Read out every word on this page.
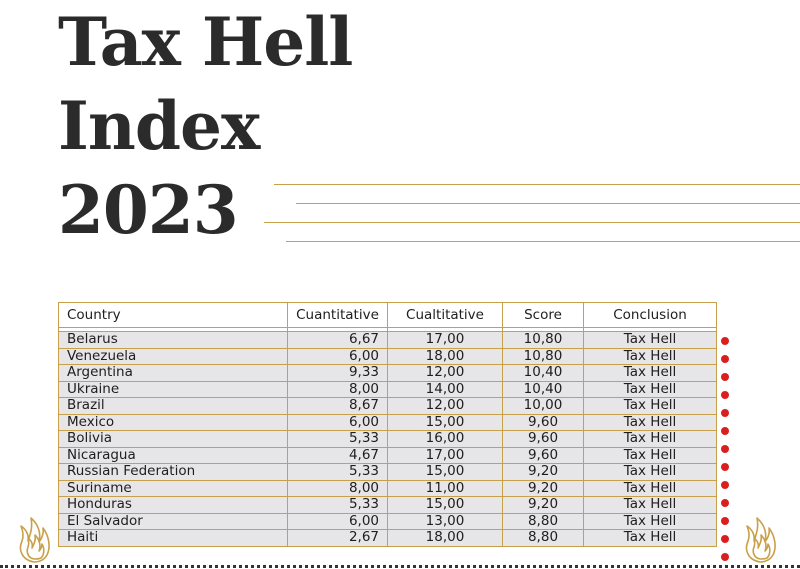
Tax Hell
Index
2023
Country	Cuantitative	Cualtitative	Score	Conclusion

Belarus	6,67	17,00	10,80	Tax Hell
Venezuela	6,00	18,00	10,80	Tax Hell
Argentina	9,33	12,00	10,40	Tax Hell
Ukraine	8,00	14,00	10,40	Tax Hell
Brazil	8,67	12,00	10,00	Tax Hell
Mexico	6,00	15,00	9,60	Tax Hell
Bolivia	5,33	16,00	9,60	Tax Hell
Nicaragua	4,67	17,00	9,60	Tax Hell
Russian Federation	5,33	15,00	9,20	Tax Hell
Suriname	8,00	11,00	9,20	Tax Hell
Honduras	5,33	15,00	9,20	Tax Hell
El Salvador	6,00	13,00	8,80	Tax Hell
Haiti	2,67	18,00	8,80	Tax Hell
